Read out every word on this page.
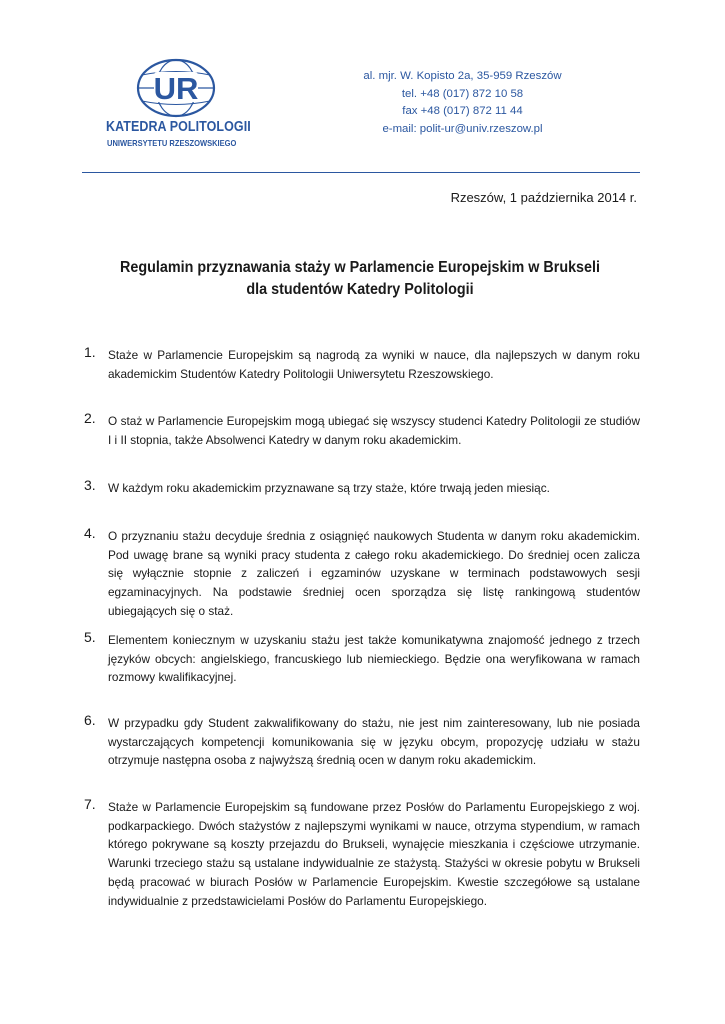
UR
KATEDRA POLITOLOGII
UNIWERSYTETU RZESZOWSKIEGO
al. mjr. W. Kopisto 2a, 35-959 Rzeszów
tel. +48 (017) 872 10 58
fax +48 (017) 872 11 44
e-mail: polit-ur@univ.rzeszow.pl
Rzeszów, 1 października 2014 r.
Regulamin przyznawania staży w Parlamencie Europejskim w Brukseli
dla studentów Katedry Politologii
1. Staże w Parlamencie Europejskim są nagrodą za wyniki w nauce, dla najlepszych w danym roku akademickim Studentów Katedry Politologii Uniwersytetu Rzeszowskiego.
2. O staż w Parlamencie Europejskim mogą ubiegać się wszyscy studenci Katedry Politologii ze studiów I i II stopnia, także Absolwenci Katedry w danym roku akademickim.
3. W każdym roku akademickim przyznawane są trzy staże, które trwają jeden miesiąc.
4. O przyznaniu stażu decyduje średnia z osiągnięć naukowych Studenta w danym roku akademickim. Pod uwagę brane są wyniki pracy studenta z całego roku akademickiego. Do średniej ocen zalicza się wyłącznie stopnie z zaliczeń i egzaminów uzyskane w terminach podstawowych sesji egzaminacyjnych. Na podstawie średniej ocen sporządza się listę rankingową studentów ubiegających się o staż.
5. Elementem koniecznym w uzyskaniu stażu jest także komunikatywna znajomość jednego z trzech języków obcych: angielskiego, francuskiego lub niemieckiego. Będzie ona weryfikowana w ramach rozmowy kwalifikacyjnej.
6. W przypadku gdy Student zakwalifikowany do stażu, nie jest nim zainteresowany, lub nie posiada wystarczających kompetencji komunikowania się w języku obcym, propozycję udziału w stażu otrzymuje następna osoba z najwyższą średnią ocen w danym roku akademickim.
7. Staże w Parlamencie Europejskim są fundowane przez Posłów do Parlamentu Europejskiego z woj. podkarpackiego. Dwóch stażystów z najlepszymi wynikami w nauce, otrzyma stypendium, w ramach którego pokrywane są koszty przejazdu do Brukseli, wynajęcie mieszkania i częściowe utrzymanie. Warunki trzeciego stażu są ustalane indywidualnie ze stażystą. Stażyści w okresie pobytu w Brukseli będą pracować w biurach Posłów w Parlamencie Europejskim. Kwestie szczegółowe są ustalane indywidualnie z przedstawicielami Posłów do Parlamentu Europejskiego.
